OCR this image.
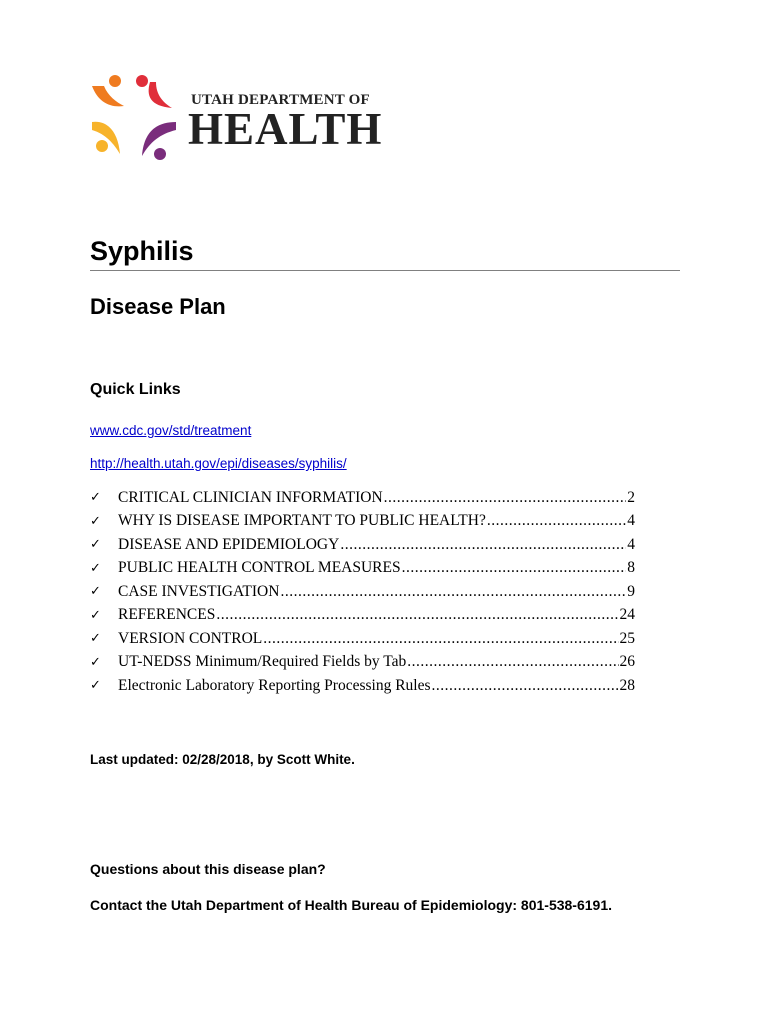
UTAH DEPARTMENT OF
HEALTH
Syphilis
Disease Plan
Quick Links
www.cdc.gov/std/treatment
http://health.utah.gov/epi/diseases/syphilis/
✓	CRITICAL CLINICIAN INFORMATION .....	2
✓	WHY IS DISEASE IMPORTANT TO PUBLIC HEALTH? .....	4
✓	DISEASE AND EPIDEMIOLOGY .....	4
✓	PUBLIC HEALTH CONTROL MEASURES .....	8
✓	CASE INVESTIGATION .....	9
✓	REFERENCES .....	24
✓	VERSION CONTROL .....	25
✓	UT-NEDSS Minimum/Required Fields by Tab .....	26
✓	Electronic Laboratory Reporting Processing Rules .....	28
Last updated: 02/28/2018, by Scott White.
Questions about this disease plan?
Contact the Utah Department of Health Bureau of Epidemiology: 801-538-6191.
